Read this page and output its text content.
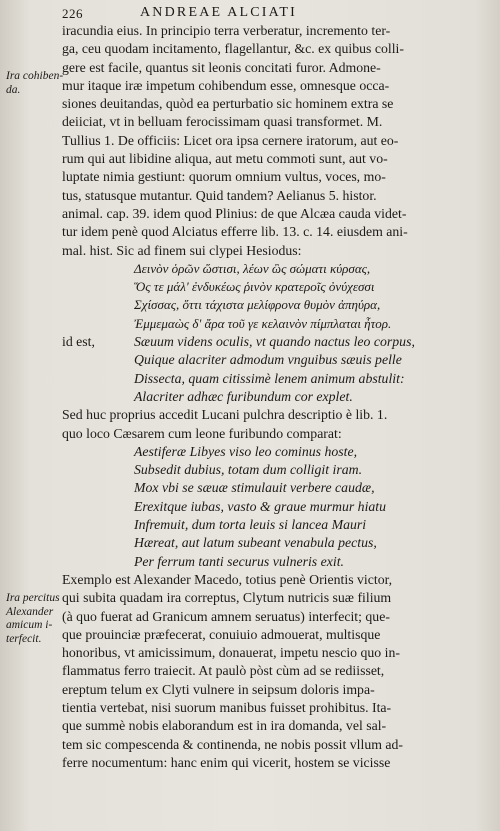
226	ANDREAE ALCIATI
Ira cohiben-
da.
Ira percitus
Alexander
amicum i-
terfecit.
iracundia eius. In principio terra verberatur, incremento ter-
ga, ceu quodam incitamento, flagellantur, &c. ex quibus colli-
gere est facile, quantus sit leonis concitati furor. Admone-
mur itaque iræ impetum cohibendum esse, omnesque occa-
siones deuitandas, quòd ea perturbatio sic hominem extra se
deiiciat, vt in belluam ferocissimam quasi transformet. M.
Tullius 1. De officiis: Licet ora ipsa cernere iratorum, aut eo-
rum qui aut libidine aliqua, aut metu commoti sunt, aut vo-
luptate nimia gestiunt: quorum omnium vultus, voces, mo-
tus, statusque mutantur. Quid tandem? Aelianus 5. histor.
animal. cap. 39. idem quod Plinius: de que Alcæa cauda videt-
tur idem penè quod Alciatus efferre lib. 13. c. 14. eiusdem ani-
mal. hist. Sic ad finem sui clypei Hesiodus:
Δεινὸν ὁρῶν ὥστισι, λέων ὣς σώματι κύρσας,
Ὅς τε μάλ' ἐνδυκέως ῥινὸν κρατεροῖς ὀνύχεσσι
Σχίσσας, ὅττι τάχιστα μελίφρονα θυμὸν ἀπηύρα,
Ἐμμεμαὼς δ' ἄρα τοῦ γε κελαινὸν πίμπλαται ἦτορ.
id est,	Sæuum videns oculis, vt quando nactus leo corpus,
Quique alacriter admodum vnguibus sæuis pelle
Dissecta, quam citissimè lenem animum abstulit:
Alacriter adhæc furibundum cor explet.
Sed huc proprius accedit Lucani pulchra descriptio è lib. 1.
quo loco Cæsarem cum leone furibundo comparat:
Aestiferæ Libyes viso leo cominus hoste,
Subsedit dubius, totam dum colligit iram.
Mox vbi se sæuæ stimulauit verbere caudæ,
Erexitque iubas, vasto & graue murmur hiatu
Infremuit, dum torta leuis si lancea Mauri
Hæreat, aut latum subeant venabula pectus,
Per ferrum tanti securus vulneris exit.
Exemplo est Alexander Macedo, totius penè Orientis victor,
qui subita quadam ira correptus, Clytum nutricis suæ filium
(à quo fuerat ad Granicum amnem seruatus) interfecit; que-
que prouinciæ præfecerat, conuiuio admouerat, multisque
honoribus, vt amicissimum, donauerat, impetu nescio quo in-
flammatus ferro traiecit. At paulò pòst cùm ad se rediisset,
ereptum telum ex Clyti vulnere in seipsum doloris impa-
tientia vertebat, nisi suorum manibus fuisset prohibitus. Ita-
que summè nobis elaborandum est in ira domanda, vel sal-
tem sic compescenda & continenda, ne nobis possit vllum ad-
ferre nocumentum: hanc enim qui vicerit, hostem se vicisse
